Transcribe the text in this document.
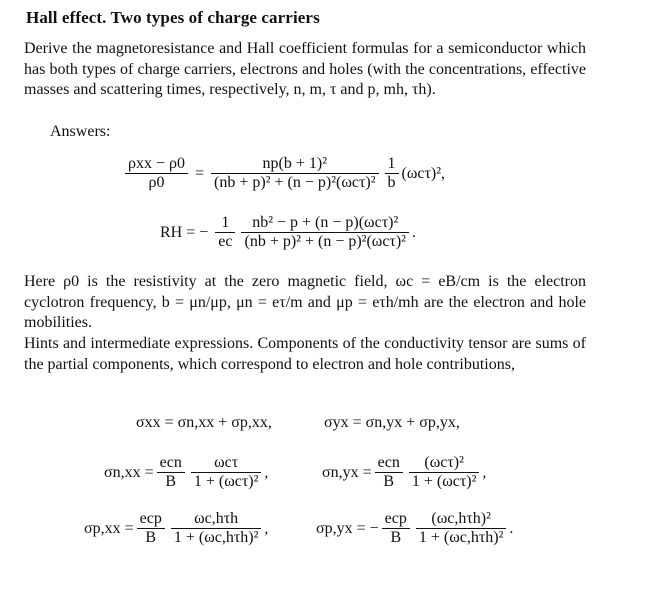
Hall effect. Two types of charge carriers
Derive the magnetoresistance and Hall coefficient formulas for a semiconductor which has both types of charge carriers, electrons and holes (with the concentrations, effective masses and scattering times, respectively, n, m, τ and p, mh, τh).
Answers:
$\frac{\text{ρxx − ρ0}}{\rho 0} = \frac{\text{np(b + 1)²}}{\text{(nb + p)² + (n − p)²(ωcτ)²}} \frac{1}{b} (\omega c\tau)^2$,
RH = − $\frac{1}{ec} \frac{\text{nb² − p + (n − p)(ωcτ)²}}{\text{(nb + p)² + (n − p)²(ωcτ)²}}$ .
Here ρ0 is the resistivity at the zero magnetic field, ωc = eB/cm is the electron cyclotron frequency, b = μn/μp, μn = eτ/m and μp = eτh/mh are the electron and hole mobilities.
Hints and intermediate expressions. Components of the conductivity tensor are sums of the partial components, which correspond to electron and hole contributions,
σxx = σn,xx + σp,xx,	σyx = σn,yx + σp,yx,
$\sigma n,xx = \frac{\text{ecn}}{B} \frac{\text{ωcτ}}{\text{1 + (ωcτ)²}}$ ,	$\sigma n,yx = \frac{\text{ecn}}{B} \frac{\text{(ωcτ)²}}{\text{1 + (ωcτ)²}}$ ,
$\sigma p,xx = \frac{\text{ecp}}{B} \frac{\text{ωc,hτh}}{\text{1 + (ωc,hτh)²}}$ ,	σp,yx = − $\frac{\text{ecp}}{B} \frac{\text{(ωc,hτh)²}}{\text{1 + (ωc,hτh)²}}$ .
